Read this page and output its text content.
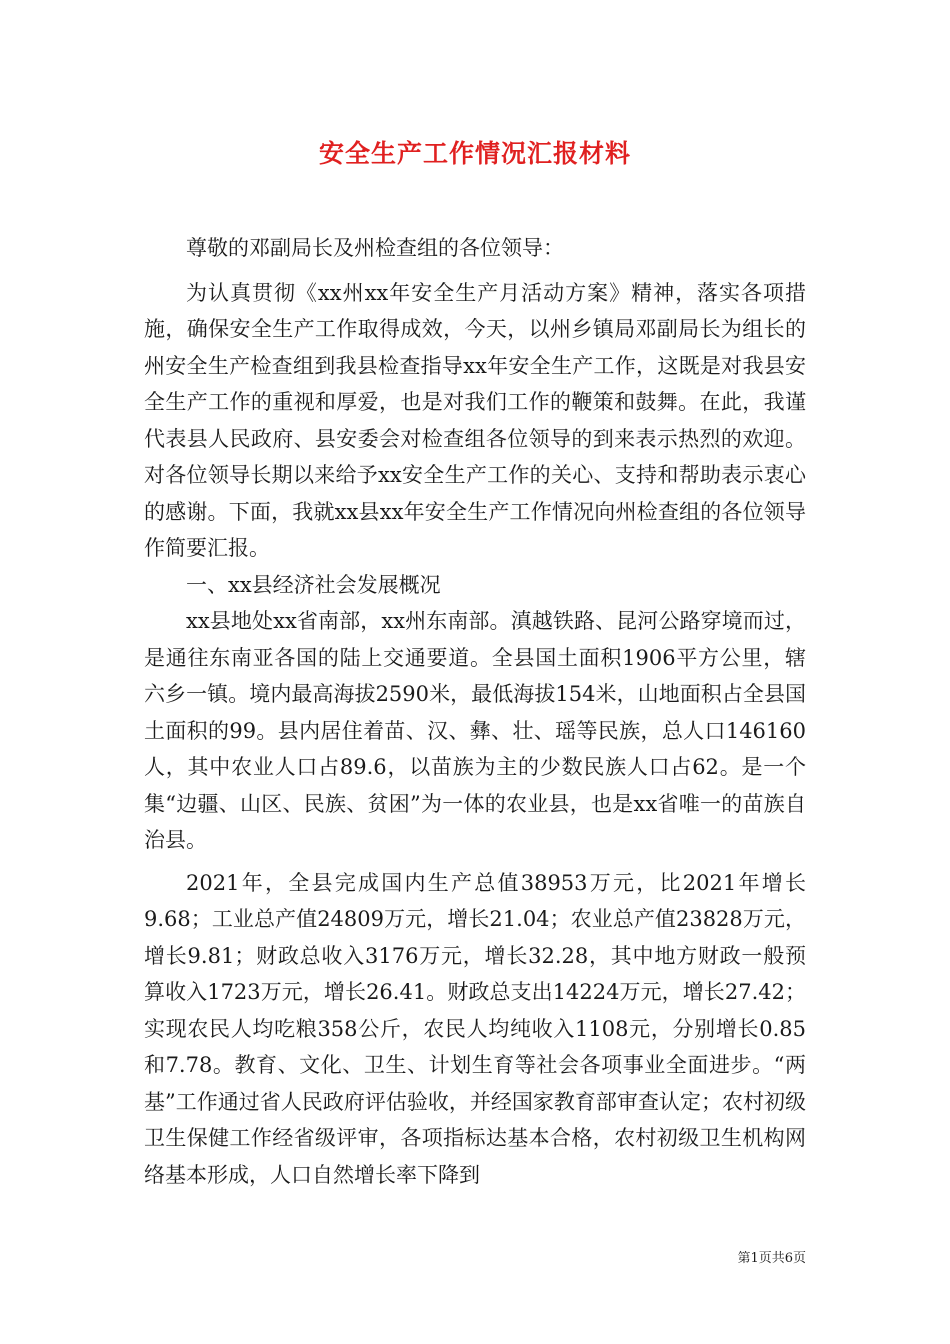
安全生产工作情况汇报材料

尊敬的邓副局长及州检查组的各位领导：

为认真贯彻《xx州xx年安全生产月活动方案》精神，落实各项措施，确保安全生产工作取得成效，今天，以州乡镇局邓副局长为组长的州安全生产检查组到我县检查指导xx年安全生产工作，这既是对我县安全生产工作的重视和厚爱，也是对我们工作的鞭策和鼓舞。在此，我谨代表县人民政府、县安委会对检查组各位领导的到来表示热烈的欢迎。对各位领导长期以来给予xx安全生产工作的关心、支持和帮助表示衷心的感谢。下面，我就xx县xx年安全生产工作情况向州检查组的各位领导作简要汇报。

一、xx县经济社会发展概况

xx县地处xx省南部，xx州东南部。滇越铁路、昆河公路穿境而过，是通往东南亚各国的陆上交通要道。全县国土面积1906平方公里，辖六乡一镇。境内最高海拔2590米，最低海拔154米，山地面积占全县国土面积的99。县内居住着苗、汉、彝、壮、瑶等民族，总人口146160人，其中农业人口占89.6，以苗族为主的少数民族人口占62。是一个集“边疆、山区、民族、贫困”为一体的农业县，也是xx省唯一的苗族自治县。

2021年，全县完成国内生产总值38953万元，比2021年增长9.68；工业总产值24809万元，增长21.04；农业总产值23828万元，增长9.81；财政总收入3176万元，增长32.28，其中地方财政一般预算收入1723万元，增长26.41。财政总支出14224万元，增长27.42；实现农民人均吃粮358公斤，农民人均纯收入1108元，分别增长0.85和7.78。教育、文化、卫生、计划生育等社会各项事业全面进步。“两基”工作通过省人民政府评估验收，并经国家教育部审查认定；农村初级卫生保健工作经省级评审，各项指标达基本合格，农村初级卫生机构网络基本形成，人口自然增长率下降到

第1页共6页
